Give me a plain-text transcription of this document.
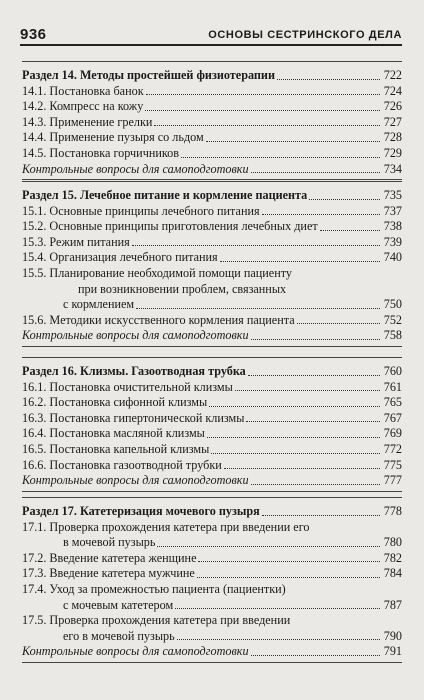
936	ОСНОВЫ СЕСТРИНСКОГО ДЕЛА
Раздел 14. Методы простейшей физиотерапии	722
14.1. Постановка банок	724
14.2. Компресс на кожу	726
14.3. Применение грелки	727
14.4. Применение пузыря со льдом	728
14.5. Постановка горчичников	729
Контрольные вопросы для самоподготовки	734
Раздел 15. Лечебное питание и кормление пациента	735
15.1. Основные принципы лечебного питания	737
15.2. Основные принципы приготовления лечебных диет	738
15.3. Режим питания	739
15.4. Организация лечебного питания	740
15.5. Планирование необходимой помощи пациенту
при возникновении проблем, связанных
с кормлением	750
15.6. Методики искусственного кормления пациента	752
Контрольные вопросы для самоподготовки	758
Раздел 16. Клизмы. Газоотводная трубка	760
16.1. Постановка очистительной клизмы	761
16.2. Постановка сифонной клизмы	765
16.3. Постановка гипертонической клизмы	767
16.4. Постановка масляной клизмы	769
16.5. Постановка капельной клизмы	772
16.6. Постановка газоотводной трубки	775
Контрольные вопросы для самоподготовки	777
Раздел 17. Катетеризация мочевого пузыря	778
17.1. Проверка прохождения катетера при введении его
в мочевой пузырь	780
17.2. Введение катетера женщине	782
17.3. Введение катетера мужчине	784
17.4. Уход за промежностью пациента (пациентки)
с мочевым катетером	787
17.5. Проверка прохождения катетера при введении
его в мочевой пузырь	790
Контрольные вопросы для самоподготовки	791
